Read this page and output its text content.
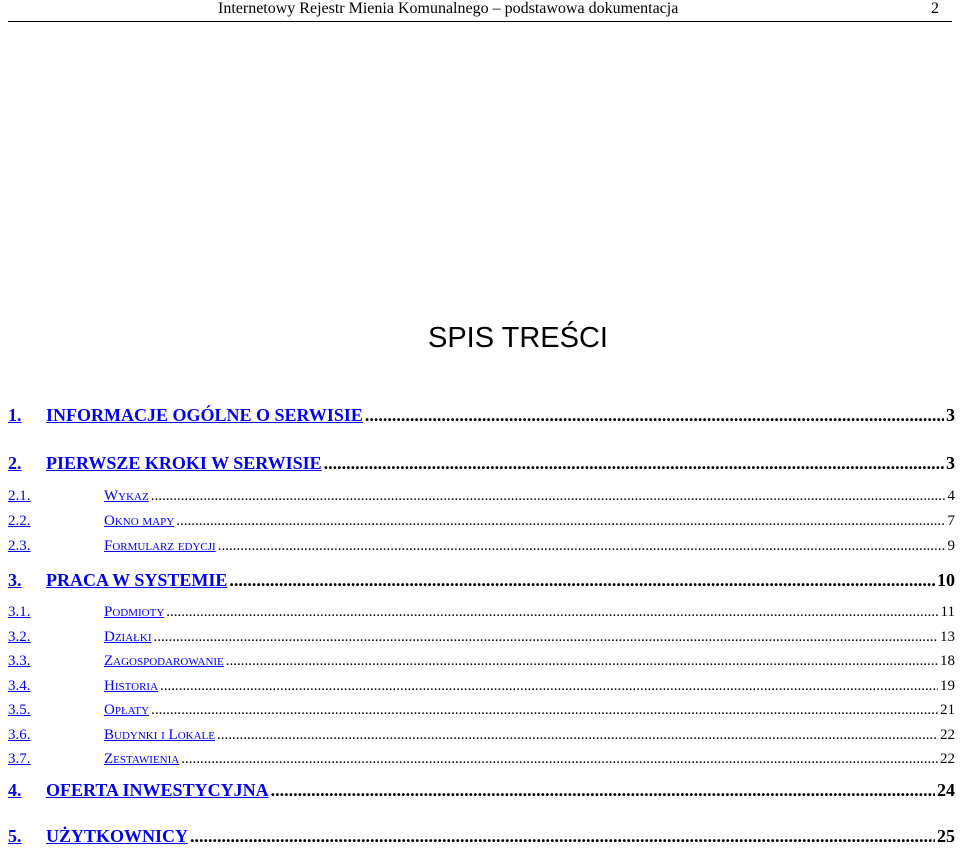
Internetowy Rejestr Mienia Komunalnego – podstawowa dokumentacja	2
SPIS TREŚCI
1.	INFORMACJE OGÓLNE O SERWISIE .....	3
2.	PIERWSZE KROKI W SERWISIE .....	3
2.1.	Wykaz .....	4
2.2.	Okno mapy .....	7
2.3.	Formularz edycji .....	9
3.	PRACA W SYSTEMIE .....	10
3.1.	Podmioty .....	11
3.2.	Działki .....	13
3.3.	Zagospodarowanie .....	18
3.4.	Historia .....	19
3.5.	Opłaty .....	21
3.6.	Budynki i Lokale .....	22
3.7.	Zestawienia .....	22
4.	OFERTA INWESTYCYJNA .....	24
5.	UŻYTKOWNICY .....	25
